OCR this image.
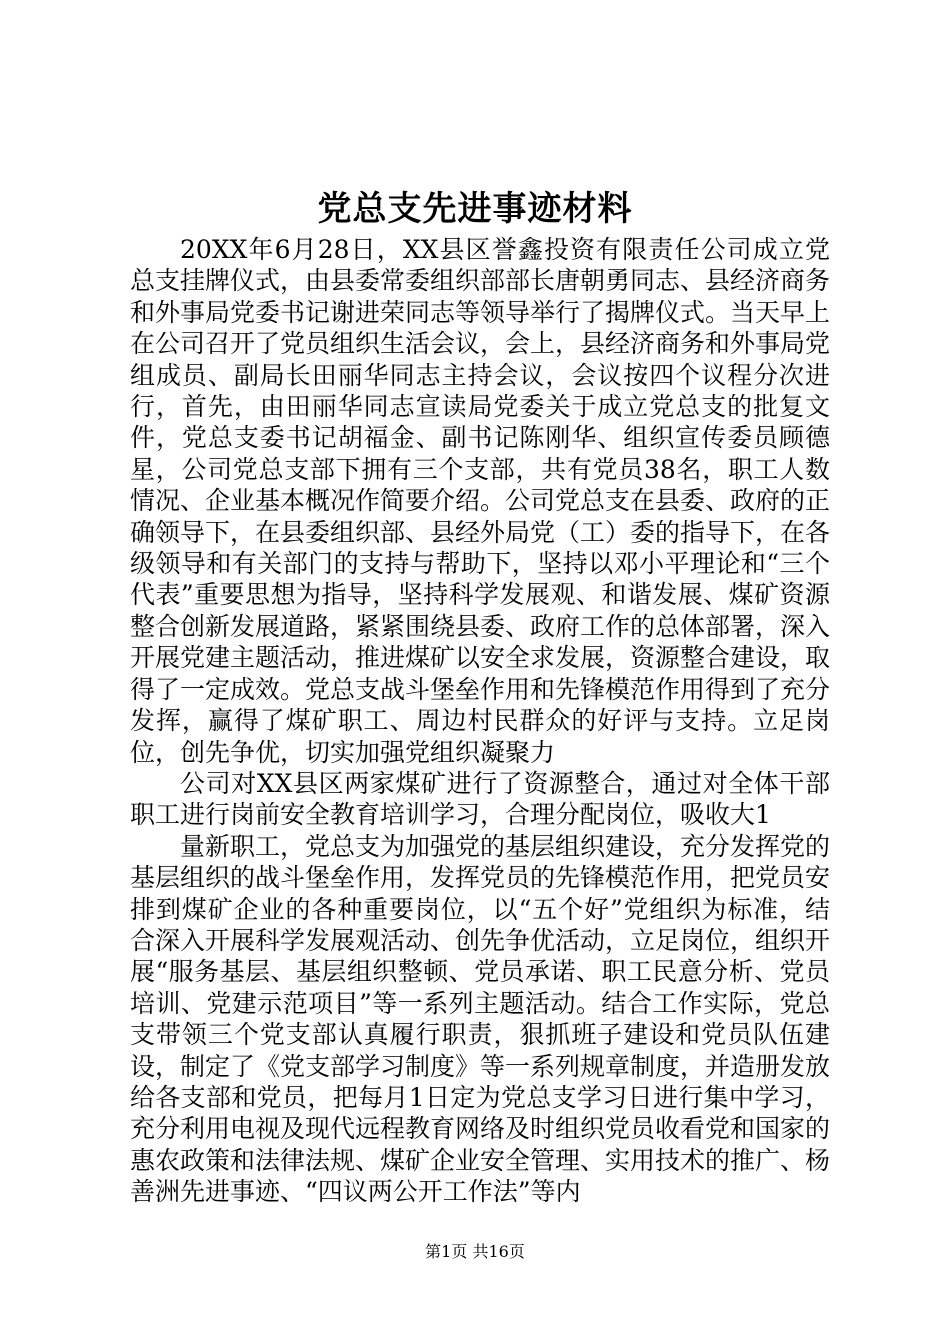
党总支先进事迹材料

20XX年6月28日，XX县区誉鑫投资有限责任公司成立党总支挂牌仪式，由县委常委组织部部长唐朝勇同志、县经济商务和外事局党委书记谢进荣同志等领导举行了揭牌仪式。当天早上在公司召开了党员组织生活会议，会上，县经济商务和外事局党组成员、副局长田丽华同志主持会议，会议按四个议程分次进行，首先，由田丽华同志宣读局党委关于成立党总支的批复文件，党总支委书记胡福金、副书记陈刚华、组织宣传委员顾德星，公司党总支部下拥有三个支部，共有党员38名，职工人数情况、企业基本概况作简要介绍。公司党总支在县委、政府的正确领导下，在县委组织部、县经外局党（工）委的指导下，在各级领导和有关部门的支持与帮助下，坚持以邓小平理论和“三个代表”重要思想为指导，坚持科学发展观、和谐发展、煤矿资源整合创新发展道路，紧紧围绕县委、政府工作的总体部署，深入开展党建主题活动，推进煤矿以安全求发展，资源整合建设，取得了一定成效。党总支战斗堡垒作用和先锋模范作用得到了充分发挥，赢得了煤矿职工、周边村民群众的好评与支持。立足岗位，创先争优，切实加强党组织凝聚力

公司对XX县区两家煤矿进行了资源整合，通过对全体干部职工进行岗前安全教育培训学习，合理分配岗位，吸收大1

量新职工，党总支为加强党的基层组织建设，充分发挥党的基层组织的战斗堡垒作用，发挥党员的先锋模范作用，把党员安排到煤矿企业的各种重要岗位，以“五个好”党组织为标准，结合深入开展科学发展观活动、创先争优活动，立足岗位，组织开展“服务基层、基层组织整顿、党员承诺、职工民意分析、党员培训、党建示范项目”等一系列主题活动。结合工作实际，党总支带领三个党支部认真履行职责，狠抓班子建设和党员队伍建设，制定了《党支部学习制度》等一系列规章制度，并造册发放给各支部和党员，把每月1日定为党总支学习日进行集中学习，充分利用电视及现代远程教育网络及时组织党员收看党和国家的惠农政策和法律法规、煤矿企业安全管理、实用技术的推广、杨善洲先进事迹、“四议两公开工作法”等内

第1页 共16页
